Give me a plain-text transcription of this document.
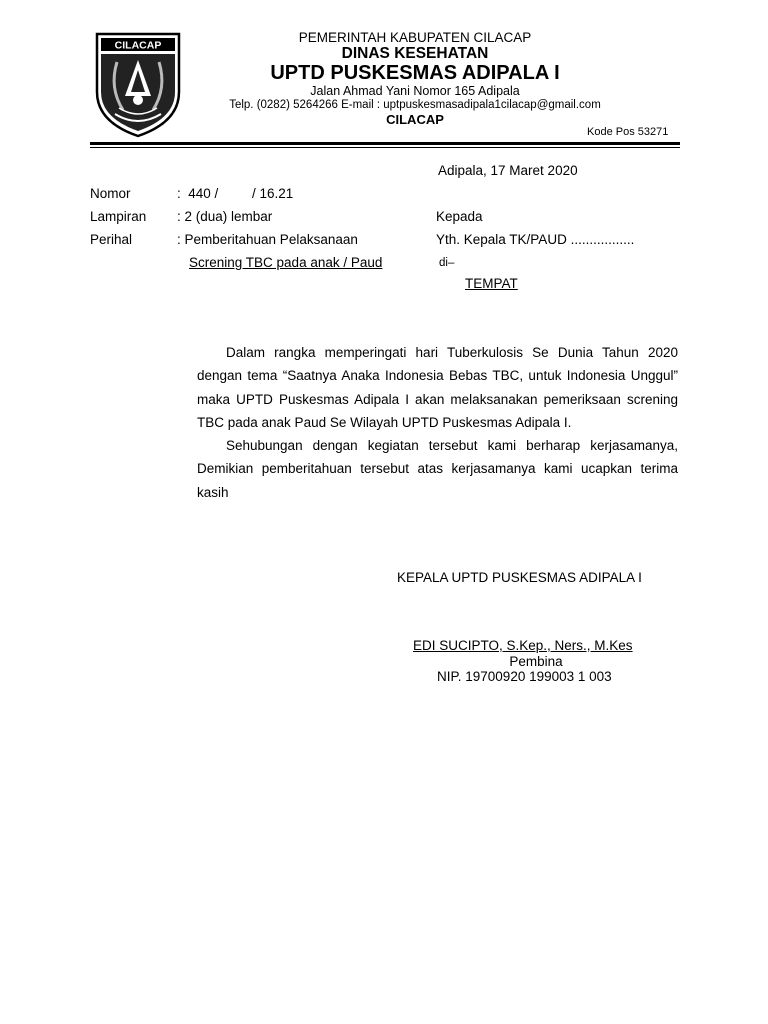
CILACAP
PEMERINTAH KABUPATEN CILACAP
DINAS KESEHATAN
UPTD PUSKESMAS ADIPALA I
Jalan Ahmad Yani Nomor 165 Adipala
Telp. (0282) 5264266 E-mail : uptpuskesmasadipala1cilacap@gmail.com
CILACAP
Kode Pos 53271
Adipala, 17 Maret 2020
Nomor	:  440 /         / 16.21
Lampiran : 2 (dua) lembar	Kepada
Perihal	: Pemberitahuan Pelaksanaan	Yth. Kepala TK/PAUD .................
Screning TBC pada anak / Paud	di–
TEMPAT

Dalam rangka memperingati hari Tuberkulosis Se Dunia Tahun 2020 dengan tema “Saatnya Anaka Indonesia Bebas TBC, untuk Indonesia Unggul” maka UPTD Puskesmas Adipala I akan melaksanakan pemeriksaan screning TBC pada anak Paud Se Wilayah UPTD Puskesmas Adipala I.

Sehubungan dengan kegiatan tersebut kami berharap kerjasamanya, Demikian pemberitahuan tersebut atas kerjasamanya kami ucapkan terima kasih

KEPALA UPTD PUSKESMAS ADIPALA I
EDI SUCIPTO, S.Kep., Ners., M.Kes
Pembina
NIP. 19700920 199003 1 003
